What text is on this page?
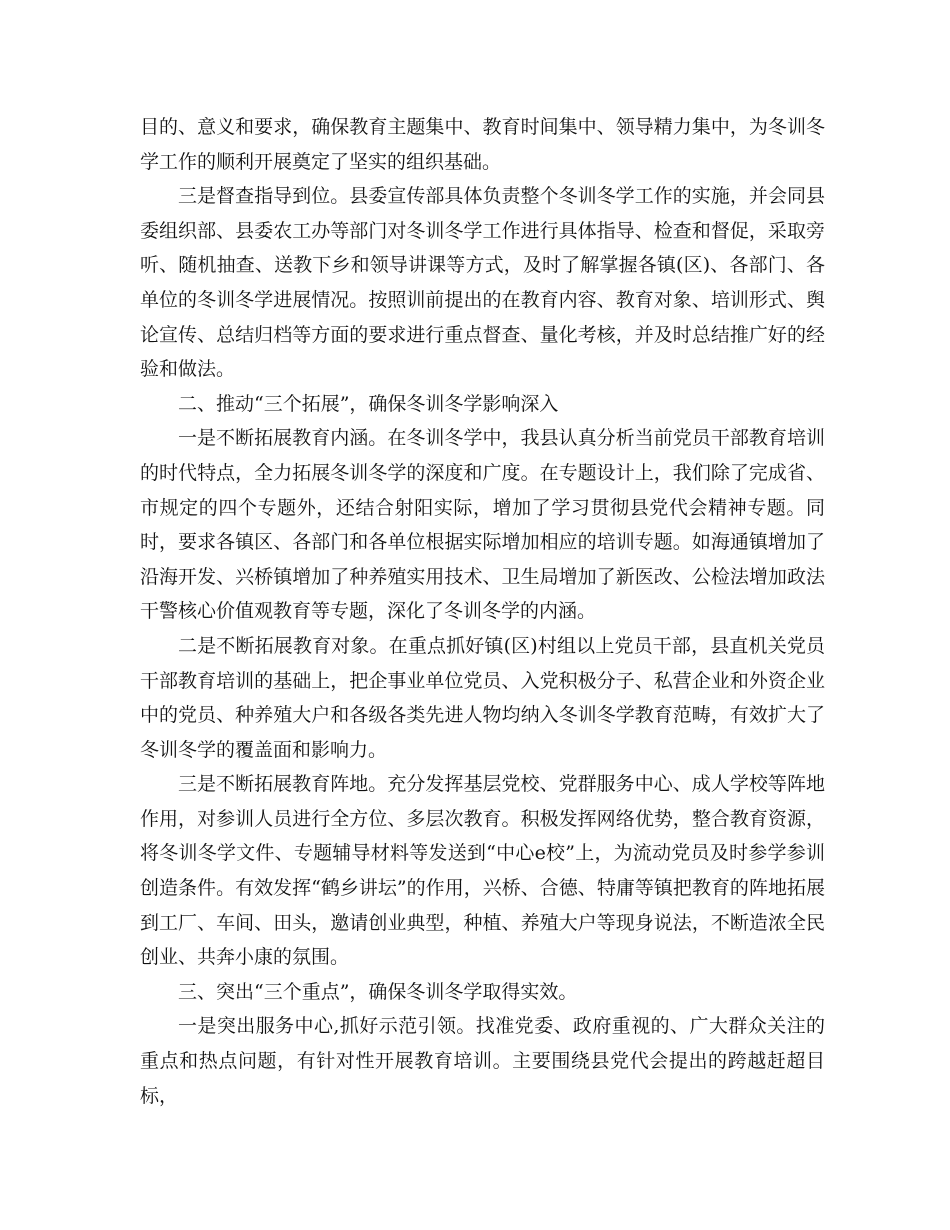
目的、意义和要求，确保教育主题集中、教育时间集中、领导精力集中，为冬训冬学工作的顺利开展奠定了坚实的组织基础。

三是督查指导到位。县委宣传部具体负责整个冬训冬学工作的实施，并会同县委组织部、县委农工办等部门对冬训冬学工作进行具体指导、检查和督促，采取旁听、随机抽查、送教下乡和领导讲课等方式，及时了解掌握各镇(区)、各部门、各单位的冬训冬学进展情况。按照训前提出的在教育内容、教育对象、培训形式、舆论宣传、总结归档等方面的要求进行重点督查、量化考核，并及时总结推广好的经验和做法。

二、推动“三个拓展”，确保冬训冬学影响深入

一是不断拓展教育内涵。在冬训冬学中，我县认真分析当前党员干部教育培训的时代特点，全力拓展冬训冬学的深度和广度。在专题设计上，我们除了完成省、市规定的四个专题外，还结合射阳实际，增加了学习贯彻县党代会精神专题。同时，要求各镇区、各部门和各单位根据实际增加相应的培训专题。如海通镇增加了沿海开发、兴桥镇增加了种养殖实用技术、卫生局增加了新医改、公检法增加政法干警核心价值观教育等专题，深化了冬训冬学的内涵。

二是不断拓展教育对象。在重点抓好镇(区)村组以上党员干部，县直机关党员干部教育培训的基础上，把企事业单位党员、入党积极分子、私营企业和外资企业中的党员、种养殖大户和各级各类先进人物均纳入冬训冬学教育范畴，有效扩大了冬训冬学的覆盖面和影响力。

三是不断拓展教育阵地。充分发挥基层党校、党群服务中心、成人学校等阵地作用，对参训人员进行全方位、多层次教育。积极发挥网络优势，整合教育资源，将冬训冬学文件、专题辅导材料等发送到“中心e校”上，为流动党员及时参学参训创造条件。有效发挥“鹤乡讲坛”的作用，兴桥、合德、特庸等镇把教育的阵地拓展到工厂、车间、田头，邀请创业典型，种植、养殖大户等现身说法，不断造浓全民创业、共奔小康的氛围。

三、突出“三个重点”，确保冬训冬学取得实效。

一是突出服务中心,抓好示范引领。找准党委、政府重视的、广大群众关注的重点和热点问题，有针对性开展教育培训。主要围绕县党代会提出的跨越赶超目标，
